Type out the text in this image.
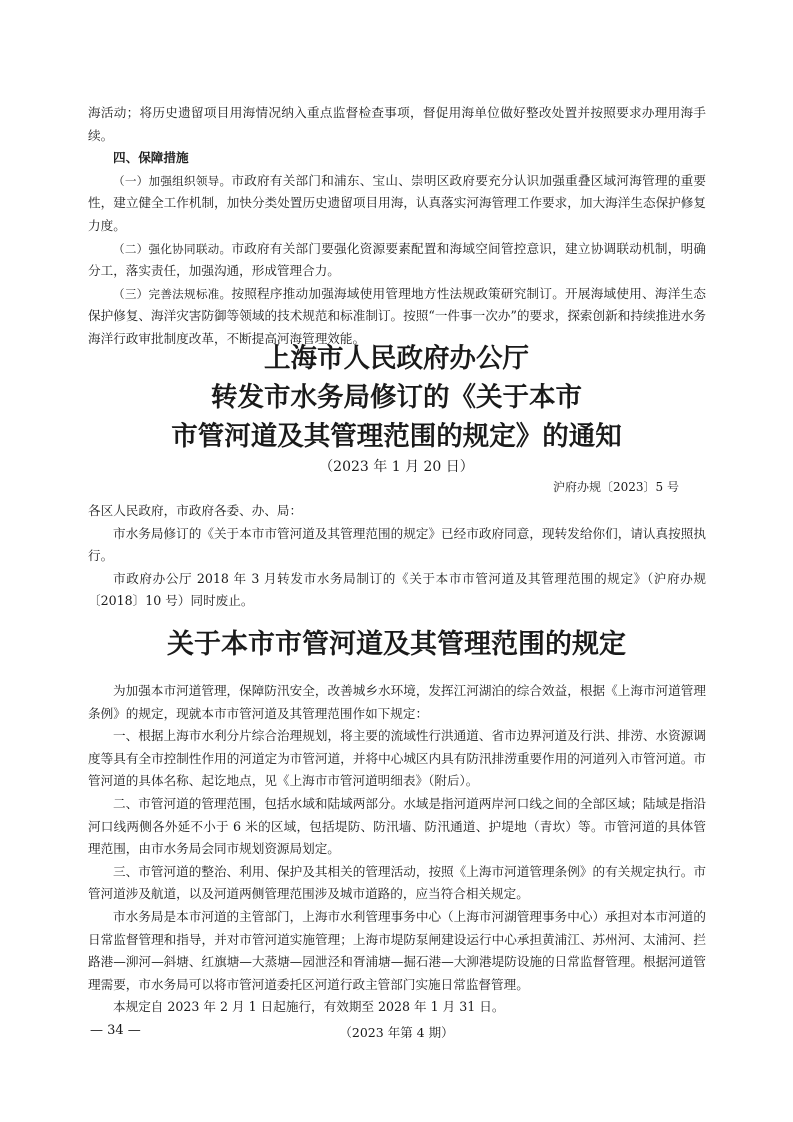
海活动；将历史遗留项目用海情况纳入重点监督检查事项，督促用海单位做好整改处置并按照要求办理用海手续。

四、保障措施

（一）加强组织领导。市政府有关部门和浦东、宝山、崇明区政府要充分认识加强重叠区域河海管理的重要性，建立健全工作机制，加快分类处置历史遗留项目用海，认真落实河海管理工作要求，加大海洋生态保护修复力度。

（二）强化协同联动。市政府有关部门要强化资源要素配置和海域空间管控意识，建立协调联动机制，明确分工，落实责任，加强沟通，形成管理合力。

（三）完善法规标准。按照程序推动加强海域使用管理地方性法规政策研究制订。开展海域使用、海洋生态保护修复、海洋灾害防御等领域的技术规范和标准制订。按照“一件事一次办”的要求，探索创新和持续推进水务海洋行政审批制度改革，不断提高河海管理效能。

上海市人民政府办公厅
转发市水务局修订的《关于本市
市管河道及其管理范围的规定》的通知
（2023 年 1 月 20 日）
沪府办规〔2023〕5 号

各区人民政府，市政府各委、办、局：

市水务局修订的《关于本市市管河道及其管理范围的规定》已经市政府同意，现转发给你们，请认真按照执行。

市政府办公厅 2018 年 3 月转发市水务局制订的《关于本市市管河道及其管理范围的规定》（沪府办规〔2018〕10 号）同时废止。

关于本市市管河道及其管理范围的规定

为加强本市河道管理，保障防汛安全，改善城乡水环境，发挥江河湖泊的综合效益，根据《上海市河道管理条例》的规定，现就本市市管河道及其管理范围作如下规定：

一、根据上海市水利分片综合治理规划，将主要的流域性行洪通道、省市边界河道及行洪、排涝、水资源调度等具有全市控制性作用的河道定为市管河道，并将中心城区内具有防汛排涝重要作用的河道列入市管河道。市管河道的具体名称、起讫地点，见《上海市市管河道明细表》（附后）。

二、市管河道的管理范围，包括水域和陆域两部分。水域是指河道两岸河口线之间的全部区域；陆域是指沿河口线两侧各外延不小于 6 米的区域，包括堤防、防汛墙、防汛通道、护堤地（青坎）等。市管河道的具体管理范围，由市水务局会同市规划资源局划定。

三、市管河道的整治、利用、保护及其相关的管理活动，按照《上海市河道管理条例》的有关规定执行。市管河道涉及航道，以及河道两侧管理范围涉及城市道路的，应当符合相关规定。

市水务局是本市河道的主管部门，上海市水利管理事务中心（上海市河湖管理事务中心）承担对本市河道的日常监督管理和指导，并对市管河道实施管理；上海市堤防泵闸建设运行中心承担黄浦江、苏州河、太浦河、拦路港—泖河—斜塘、红旗塘—大蒸塘—园泄泾和胥浦塘—掘石港—大泖港堤防设施的日常监督管理。根据河道管理需要，市水务局可以将市管河道委托区河道行政主管部门实施日常监督管理。

本规定自 2023 年 2 月 1 日起施行，有效期至 2028 年 1 月 31 日。

— 34 —	（2023 年第 4 期）
